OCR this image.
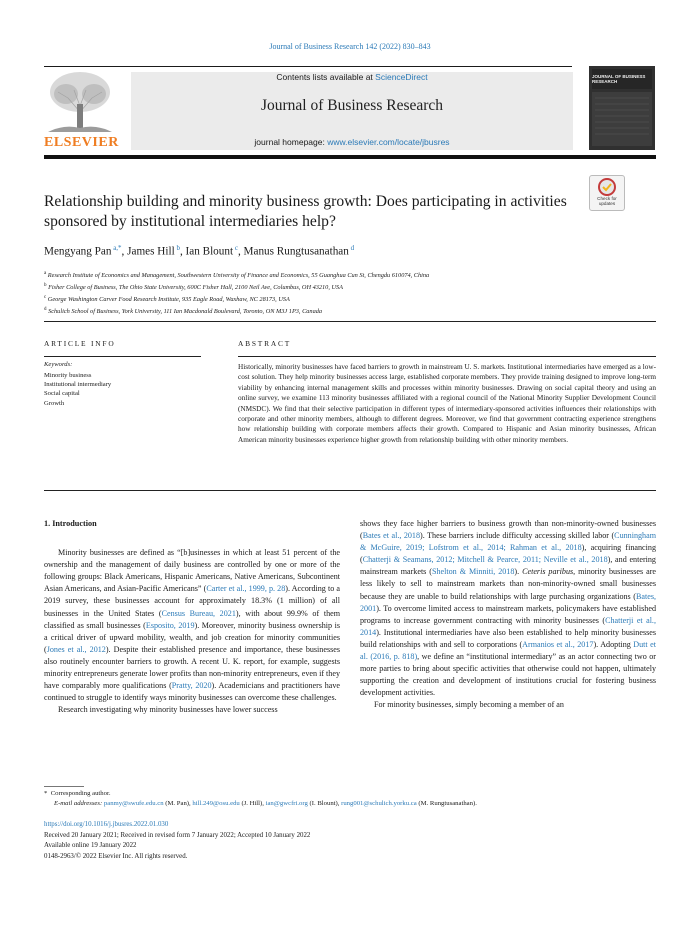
Journal of Business Research 142 (2022) 830–843
ELSEVIER
Contents lists available at ScienceDirect
Journal of Business Research
journal homepage: www.elsevier.com/locate/jbusres
JOURNAL OF BUSINESS RESEARCH
Check for updates
Relationship building and minority business growth: Does participating in activities sponsored by institutional intermediaries help?
Mengyang Pan $^{a,*}$, James Hill $^b$, Ian Blount $^c$, Manus Rungtusanathan $^d$
$^a$ Research Institute of Economics and Management, Southwestern University of Finance and Economics, 55 Guanghua Cun St, Chengdu 610074, China
$^b$ Fisher College of Business, The Ohio State University, 600C Fisher Hall, 2100 Neil Ave, Columbus, OH 43210, USA
$^c$ George Washington Carver Food Research Institute, 935 Eagle Road, Waxhaw, NC 28173, USA
$^d$ Schulich School of Business, York University, 111 Ian Macdonald Boulevard, Toronto, ON M3J 1P3, Canada
ARTICLE INFO
Keywords:
Minority business
Institutional intermediary
Social capital
Growth
ABSTRACT
Historically, minority businesses have faced barriers to growth in mainstream U. S. markets. Institutional intermediaries have emerged as a low-cost solution. They help minority businesses access large, established corporate members. They provide training designed to improve long-term viability by enhancing internal management skills and processes within minority businesses. Drawing on social capital theory and using an online survey, we examine 113 minority businesses affiliated with a regional council of the National Minority Supplier Development Council (NMSDC). We find that their selective participation in different types of intermediary-sponsored activities influences their relationships with corporate and other minority members, although to different degrees. Moreover, we find that government contracting experience strengthens how relationship building with corporate members affects their growth. Compared to Hispanic and Asian minority businesses, African American minority businesses experience higher growth from relationship building with other minority members.
1. Introduction

Minority businesses are defined as “[b]usinesses in which at least 51 percent of the ownership and the management of daily business are controlled by one or more of the following groups: Black Americans, Hispanic Americans, Native Americans, Subcontinent Asian Americans, and Asian-Pacific Americans” (Carter et al., 1999, p. 28). According to a 2019 survey, these businesses account for approximately 18.3% (1 million) of all businesses in the United States (Census Bureau, 2021), with about 99.9% of them classified as small businesses (Esposito, 2019). Moreover, minority business ownership is a critical driver of upward mobility, wealth, and job creation for minority communities (Jones et al., 2012). Despite their established presence and importance, these businesses also routinely encounter barriers to growth. A recent U. K. report, for example, suggests minority entrepreneurs generate lower profits than non-minority entrepreneurs, even if they have comparably more qualifications (Pratty, 2020). Academicians and practitioners have continued to struggle to identify ways minority businesses can overcome these challenges.

Research investigating why minority businesses have lower success

shows they face higher barriers to business growth than non-minority-owned businesses (Bates et al., 2018). These barriers include difficulty accessing skilled labor (Cunningham & McGuire, 2019; Lofstrom et al., 2014; Rahman et al., 2018), acquiring financing (Chatterji & Seamans, 2012; Mitchell & Pearce, 2011; Neville et al., 2018), and entering mainstream markets (Shelton & Minniti, 2018). Ceteris paribus, minority businesses are less likely to sell to mainstream markets than non-minority-owned small businesses because they are unable to build relationships with large purchasing organizations (Bates, 2001). To overcome limited access to mainstream markets, policymakers have established programs to increase government contracting with minority businesses (Chatterji et al., 2014). Institutional intermediaries have also been established to help minority businesses build relationships with and sell to corporations (Armanios et al., 2017). Adopting Dutt et al. (2016, p. 818), we define an “institutional intermediary” as an actor connecting two or more parties to bring about specific activities that otherwise could not happen, ultimately supporting the creation and development of institutions crucial for fostering business development activities.

For minority businesses, simply becoming a member of an

* Corresponding author.
E-mail addresses: panmy@swufe.edu.cn (M. Pan), hill.249@osu.edu (J. Hill), ian@gwcfri.org (I. Blount), rung001@schulich.yorku.ca (M. Rungtusanathan).
https://doi.org/10.1016/j.jbusres.2022.01.030
Received 20 January 2021; Received in revised form 7 January 2022; Accepted 10 January 2022
Available online 19 January 2022
0148-2963/© 2022 Elsevier Inc. All rights reserved.
